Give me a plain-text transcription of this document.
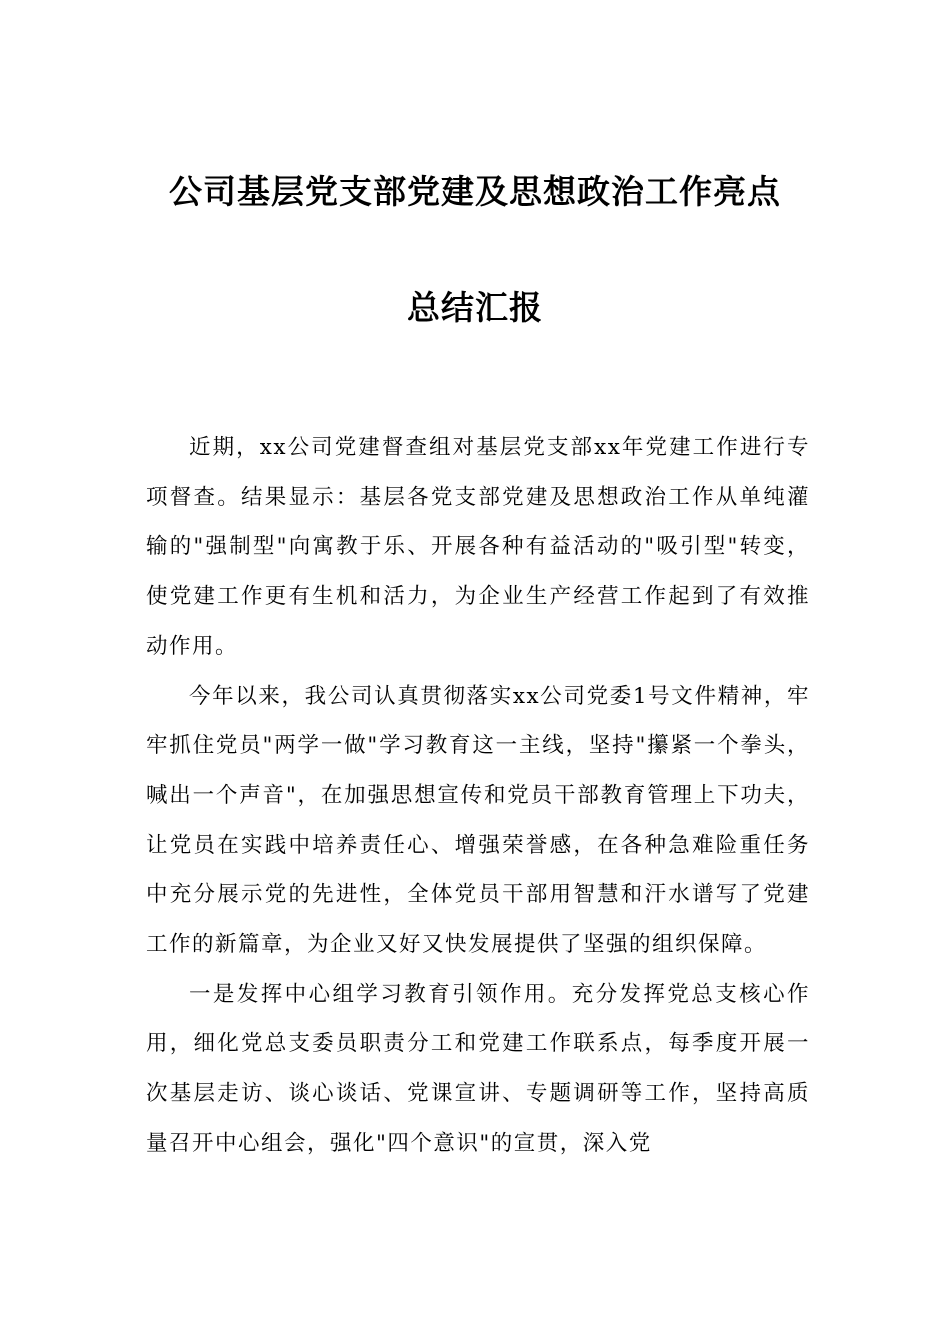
公司基层党支部党建及思想政治工作亮点
总结汇报

近期，xx公司党建督查组对基层党支部xx年党建工作进行专项督查。结果显示：基层各党支部党建及思想政治工作从单纯灌输的"强制型"向寓教于乐、开展各种有益活动的"吸引型"转变，使党建工作更有生机和活力，为企业生产经营工作起到了有效推动作用。

今年以来，我公司认真贯彻落实xx公司党委1号文件精神，牢牢抓住党员"两学一做"学习教育这一主线，坚持"攥紧一个拳头，喊出一个声音"，在加强思想宣传和党员干部教育管理上下功夫，让党员在实践中培养责任心、增强荣誉感，在各种急难险重任务中充分展示党的先进性，全体党员干部用智慧和汗水谱写了党建工作的新篇章，为企业又好又快发展提供了坚强的组织保障。

一是发挥中心组学习教育引领作用。充分发挥党总支核心作用，细化党总支委员职责分工和党建工作联系点，每季度开展一次基层走访、谈心谈话、党课宣讲、专题调研等工作，坚持高质量召开中心组会，强化"四个意识"的宣贯，深入党
